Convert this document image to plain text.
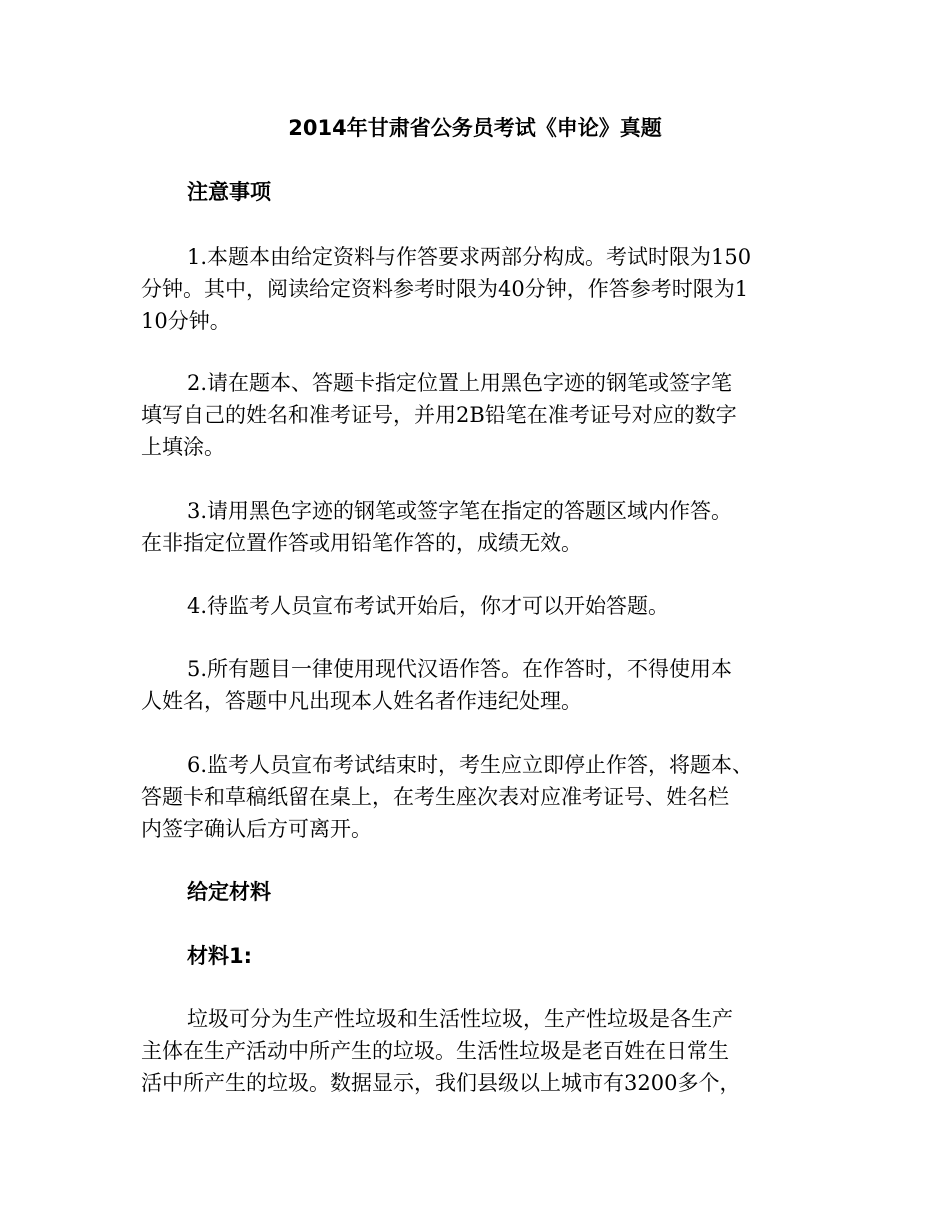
2014年甘肃省公务员考试《申论》真题
注意事项
1.本题本由给定资料与作答要求两部分构成。考试时限为150
分钟。其中，阅读给定资料参考时限为40分钟，作答参考时限为1
10分钟。
2.请在题本、答题卡指定位置上用黑色字迹的钢笔或签字笔
填写自己的姓名和准考证号，并用2B铅笔在准考证号对应的数字
上填涂。
3.请用黑色字迹的钢笔或签字笔在指定的答题区域内作答。
在非指定位置作答或用铅笔作答的，成绩无效。
4.待监考人员宣布考试开始后，你才可以开始答题。
5.所有题目一律使用现代汉语作答。在作答时，不得使用本
人姓名，答题中凡出现本人姓名者作违纪处理。
6.监考人员宣布考试结束时，考生应立即停止作答，将题本、
答题卡和草稿纸留在桌上，在考生座次表对应准考证号、姓名栏
内签字确认后方可离开。
给定材料
材料1:
垃圾可分为生产性垃圾和生活性垃圾，生产性垃圾是各生产
主体在生产活动中所产生的垃圾。生活性垃圾是老百姓在日常生
活中所产生的垃圾。数据显示，我们县级以上城市有3200多个，
